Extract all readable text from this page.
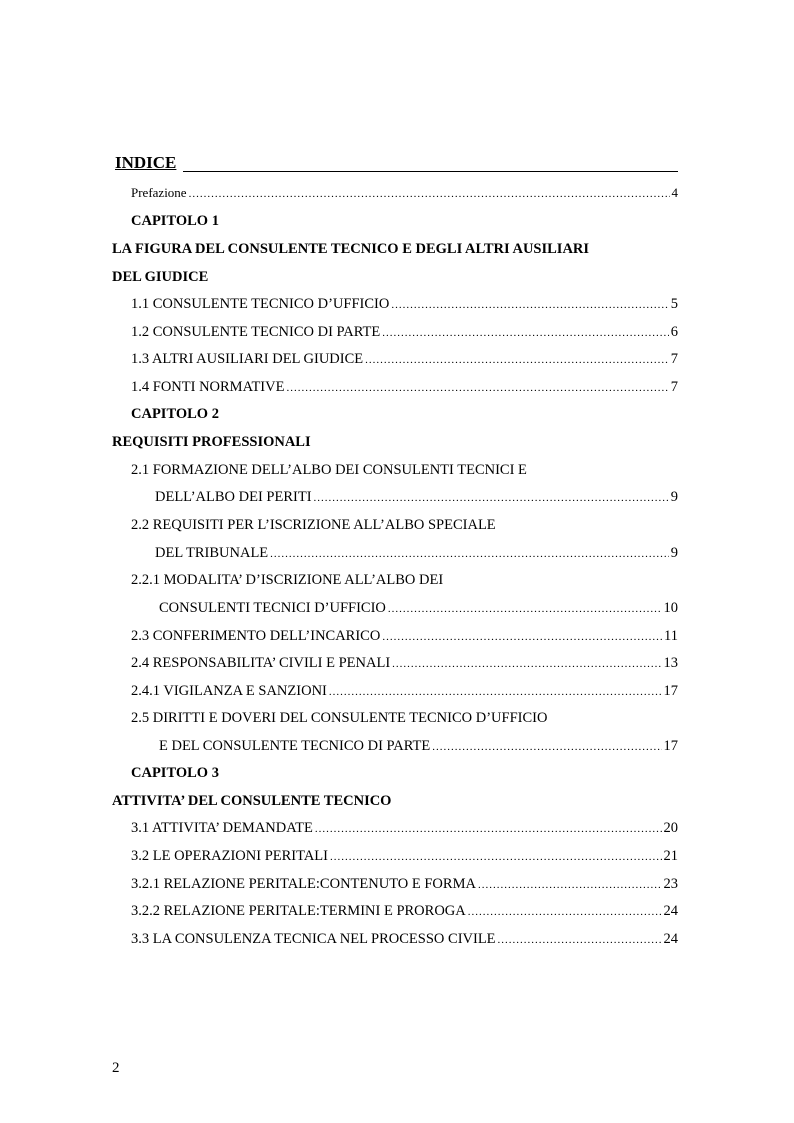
INDICE
Prefazione .....	4
CAPITOLO 1
LA FIGURA DEL CONSULENTE TECNICO E DEGLI ALTRI AUSILIARI
DEL GIUDICE
1.1 CONSULENTE TECNICO D’UFFICIO .....	5
1.2 CONSULENTE TECNICO DI PARTE .....	6
1.3 ALTRI AUSILIARI DEL GIUDICE .....	7
1.4 FONTI NORMATIVE .....	7
CAPITOLO 2
REQUISITI PROFESSIONALI
2.1 FORMAZIONE DELL’ALBO DEI CONSULENTI TECNICI E
DELL’ALBO DEI PERITI .....	9
2.2 REQUISITI PER L’ISCRIZIONE ALL’ALBO SPECIALE
DEL TRIBUNALE .....	9
2.2.1 MODALITA’ D’ISCRIZIONE ALL’ALBO DEI
CONSULENTI TECNICI D’UFFICIO .....	10
2.3 CONFERIMENTO DELL’INCARICO .....	11
2.4 RESPONSABILITA’ CIVILI E PENALI .....	13
2.4.1 VIGILANZA E SANZIONI .....	17
2.5 DIRITTI E DOVERI DEL CONSULENTE TECNICO D’UFFICIO
E DEL CONSULENTE TECNICO DI PARTE .....	17
CAPITOLO 3
ATTIVITA’ DEL CONSULENTE TECNICO
3.1 ATTIVITA’ DEMANDATE .....	20
3.2 LE OPERAZIONI PERITALI .....	21
3.2.1 RELAZIONE PERITALE:CONTENUTO E FORMA .....	23
3.2.2 RELAZIONE PERITALE:TERMINI E PROROGA .....	24
3.3 LA CONSULENZA TECNICA NEL PROCESSO CIVILE .....	24
2
